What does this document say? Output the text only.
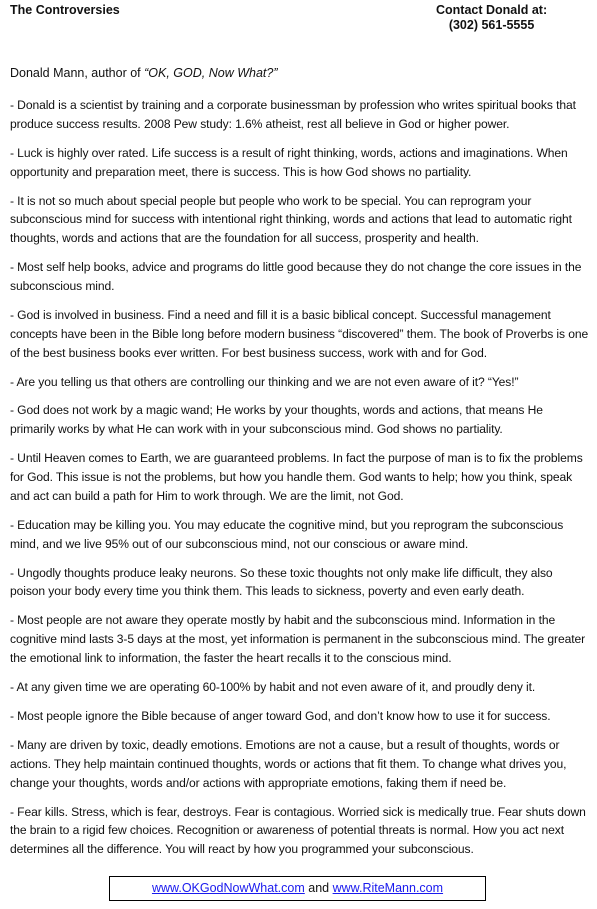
The Controversies	Contact Donald at:
(302) 561-5555
Donald Mann, author of “OK, GOD, Now What?”

- Donald is a scientist by training and a corporate businessman by profession who writes spiritual books that produce success results. 2008 Pew study: 1.6% atheist, rest all believe in God or higher power.

- Luck is highly over rated. Life success is a result of right thinking, words, actions and imaginations. When opportunity and preparation meet, there is success. This is how God shows no partiality.

- It is not so much about special people but people who work to be special. You can reprogram your subconscious mind for success with intentional right thinking, words and actions that lead to automatic right thoughts, words and actions that are the foundation for all success, prosperity and health.

- Most self help books, advice and programs do little good because they do not change the core issues in the subconscious mind.

- God is involved in business. Find a need and fill it is a basic biblical concept. Successful management concepts have been in the Bible long before modern business “discovered” them. The book of Proverbs is one of the best business books ever written. For best business success, work with and for God.

- Are you telling us that others are controlling our thinking and we are not even aware of it? “Yes!”

- God does not work by a magic wand; He works by your thoughts, words and actions, that means He primarily works by what He can work with in your subconscious mind. God shows no partiality.

- Until Heaven comes to Earth, we are guaranteed problems. In fact the purpose of man is to fix the problems for God. This issue is not the problems, but how you handle them. God wants to help; how you think, speak and act can build a path for Him to work through. We are the limit, not God.

- Education may be killing you. You may educate the cognitive mind, but you reprogram the subconscious mind, and we live 95% out of our subconscious mind, not our conscious or aware mind.

- Ungodly thoughts produce leaky neurons. So these toxic thoughts not only make life difficult, they also poison your body every time you think them. This leads to sickness, poverty and even early death.

- Most people are not aware they operate mostly by habit and the subconscious mind. Information in the cognitive mind lasts 3-5 days at the most, yet information is permanent in the subconscious mind. The greater the emotional link to information, the faster the heart recalls it to the conscious mind.

- At any given time we are operating 60-100% by habit and not even aware of it, and proudly deny it.

- Most people ignore the Bible because of anger toward God, and don’t know how to use it for success.

- Many are driven by toxic, deadly emotions. Emotions are not a cause, but a result of thoughts, words or actions. They help maintain continued thoughts, words or actions that fit them. To change what drives you, change your thoughts, words and/or actions with appropriate emotions, faking them if need be.

- Fear kills. Stress, which is fear, destroys. Fear is contagious. Worried sick is medically true. Fear shuts down the brain to a rigid few choices. Recognition or awareness of potential threats is normal. How you act next determines all the difference. You will react by how you programmed your subconscious.

www.OKGodNowWhat.com and www.RiteMann.com
